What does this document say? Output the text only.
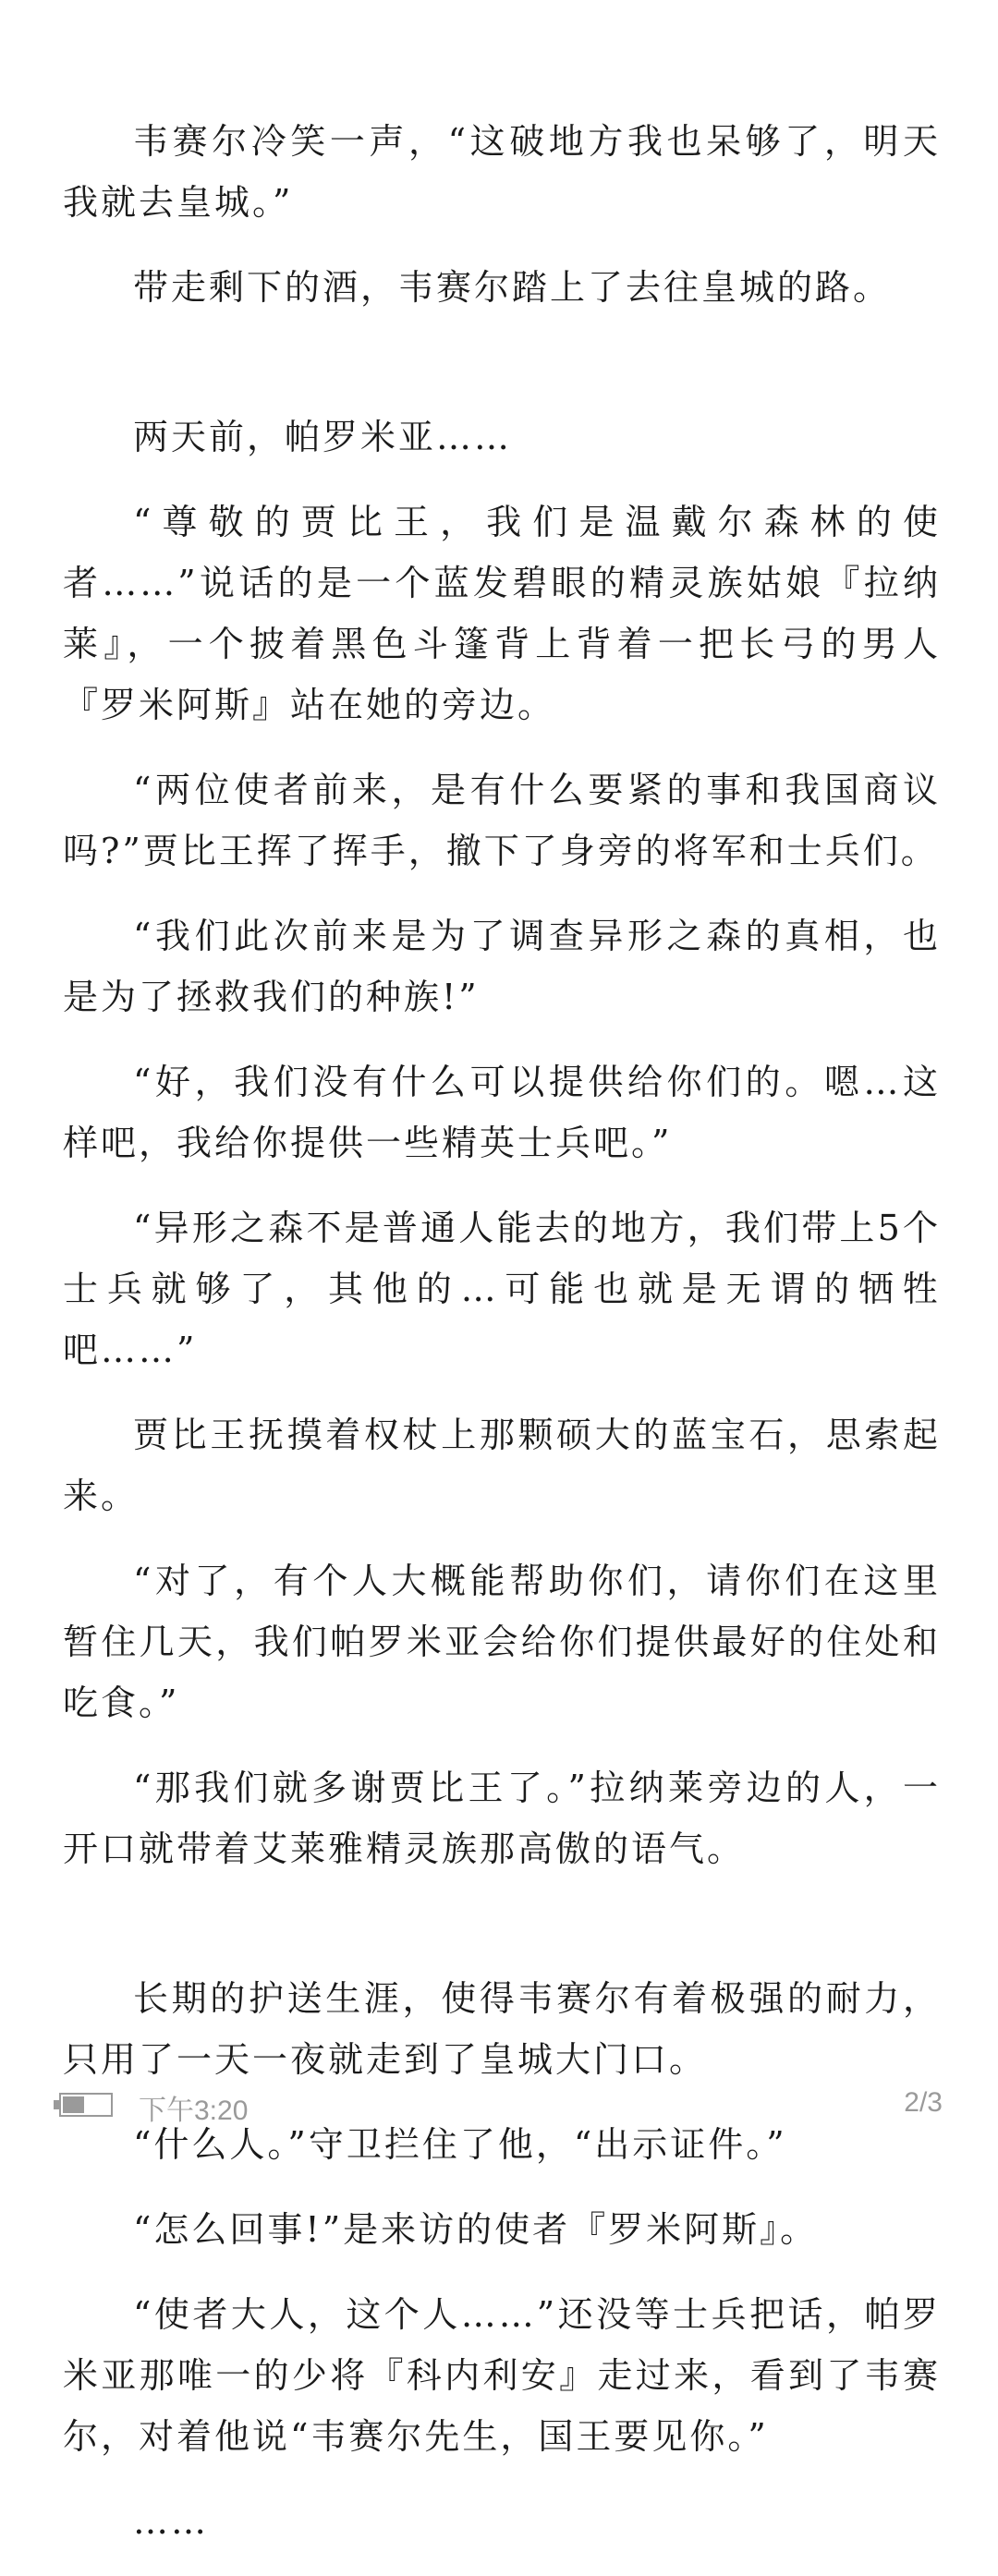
韦赛尔冷笑一声，“这破地方我也呆够了，明天我就去皇城。”

带走剩下的酒，韦赛尔踏上了去往皇城的路。

两天前，帕罗米亚……

“尊敬的贾比王，我们是温戴尔森林的使者……”说话的是一个蓝发碧眼的精灵族姑娘『拉纳莱』，一个披着黑色斗篷背上背着一把长弓的男人『罗米阿斯』站在她的旁边。

“两位使者前来，是有什么要紧的事和我国商议吗?”贾比王挥了挥手，撤下了身旁的将军和士兵们。

“我们此次前来是为了调查异形之森的真相，也是为了拯救我们的种族!”

“好，我们没有什么可以提供给你们的。嗯…这样吧，我给你提供一些精英士兵吧。”

“异形之森不是普通人能去的地方，我们带上5个士兵就够了，其他的…可能也就是无谓的牺牲吧……”

贾比王抚摸着权杖上那颗硕大的蓝宝石，思索起来。

“对了，有个人大概能帮助你们，请你们在这里暂住几天，我们帕罗米亚会给你们提供最好的住处和吃食。”

“那我们就多谢贾比王了。”拉纳莱旁边的人，一开口就带着艾莱雅精灵族那高傲的语气。

长期的护送生涯，使得韦赛尔有着极强的耐力，只用了一天一夜就走到了皇城大门口。

“什么人。”守卫拦住了他，“出示证件。”

“怎么回事!”是来访的使者『罗米阿斯』。

“使者大人，这个人……”还没等士兵把话，帕罗米亚那唯一的少将『科内利安』走过来，看到了韦赛尔，对着他说“韦赛尔先生，国王要见你。”

……

下午3:20	2/3
